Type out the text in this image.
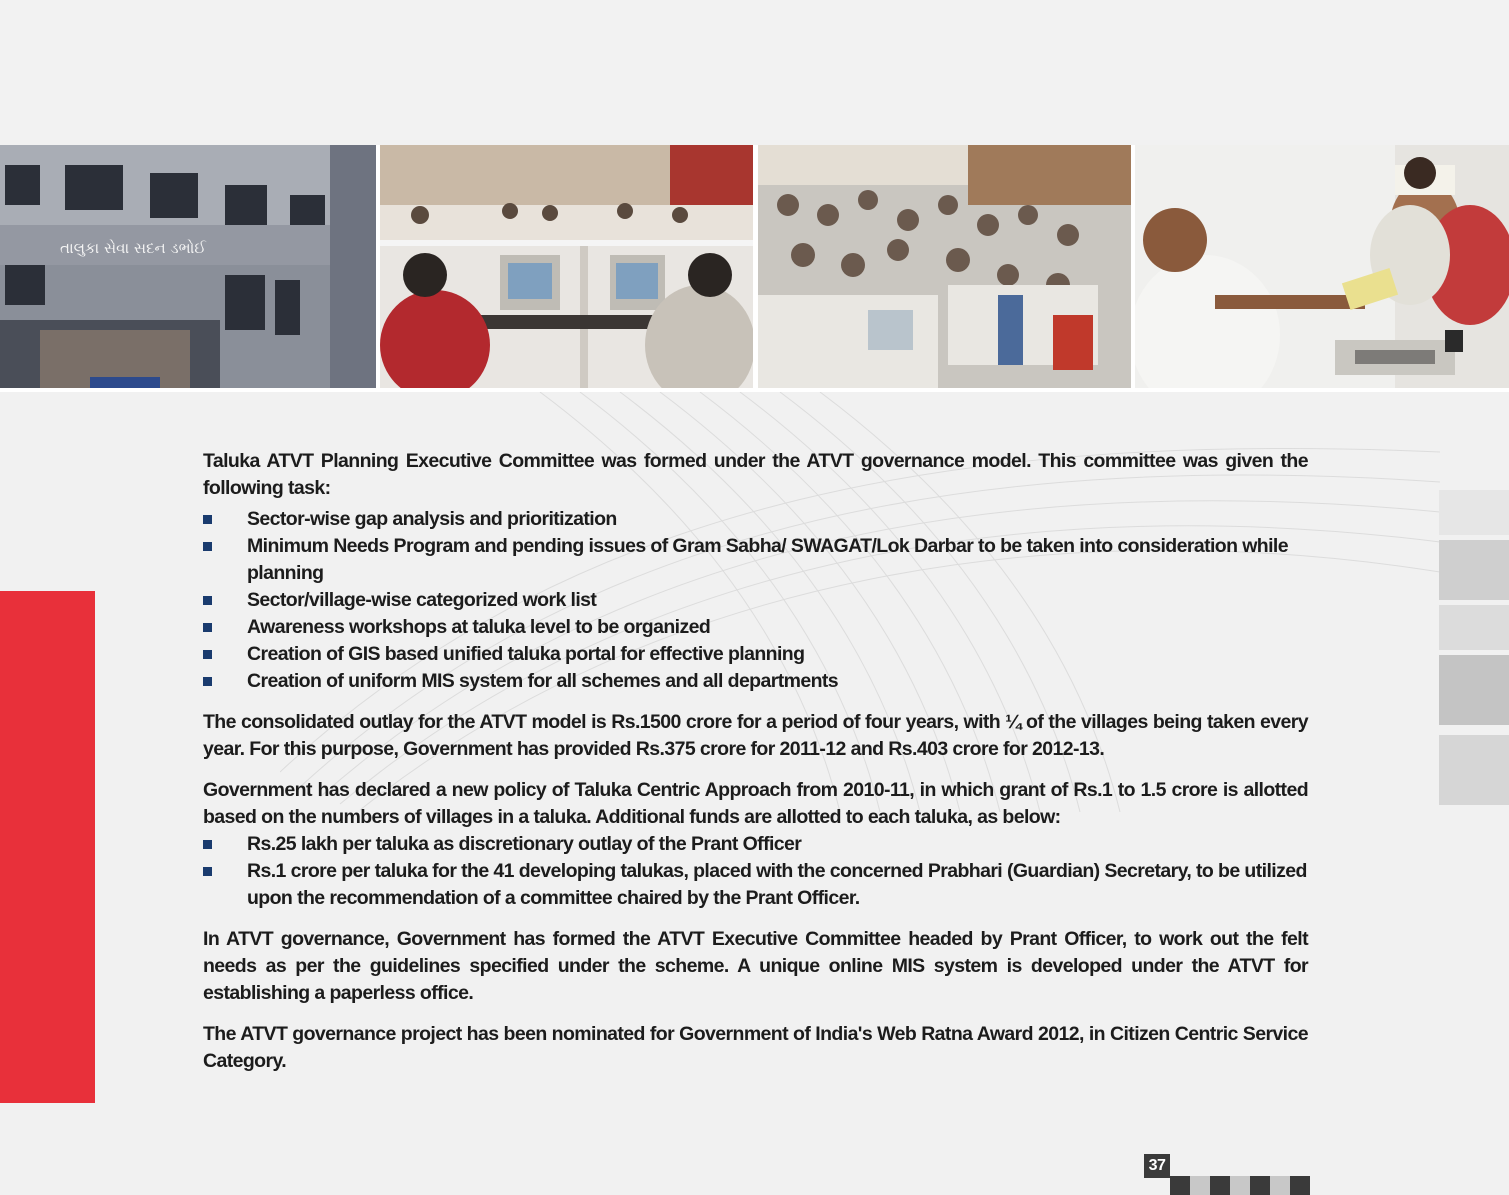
તાલુકા સેવા સદન ડભોઈ

Taluka ATVT Planning Executive Committee was formed under the ATVT governance model. This committee was given the following task:

Sector-wise gap analysis and prioritization
Minimum Needs Program and pending issues of Gram Sabha/ SWAGAT/Lok Darbar to be taken into consideration while planning
Sector/village-wise categorized work list
Awareness workshops at taluka level to be organized
Creation of GIS based unified taluka portal for effective planning
Creation of uniform MIS system for all schemes and all departments

The consolidated outlay for the ATVT model is Rs.1500 crore for a period of four years, with ¼ of the villages being taken every year. For this purpose, Government has provided Rs.375 crore for 2011-12 and Rs.403 crore for 2012-13.

Government has declared a new policy of Taluka Centric Approach from 2010-11, in which grant of Rs.1 to 1.5 crore is allotted based on the numbers of villages in a taluka. Additional funds are allotted to each taluka, as below:

Rs.25 lakh per taluka as discretionary outlay of the Prant Officer
Rs.1 crore per taluka for the 41 developing talukas, placed with the concerned Prabhari (Guardian) Secretary, to be utilized upon the recommendation of a committee chaired by the Prant Officer.

In ATVT governance, Government has formed the ATVT Executive Committee headed by Prant Officer, to work out the felt needs as per the guidelines specified under the scheme. A unique online MIS system is developed under the ATVT for establishing a paperless office.

The ATVT governance project has been nominated for Government of India's Web Ratna Award 2012, in Citizen Centric Service Category.

37
